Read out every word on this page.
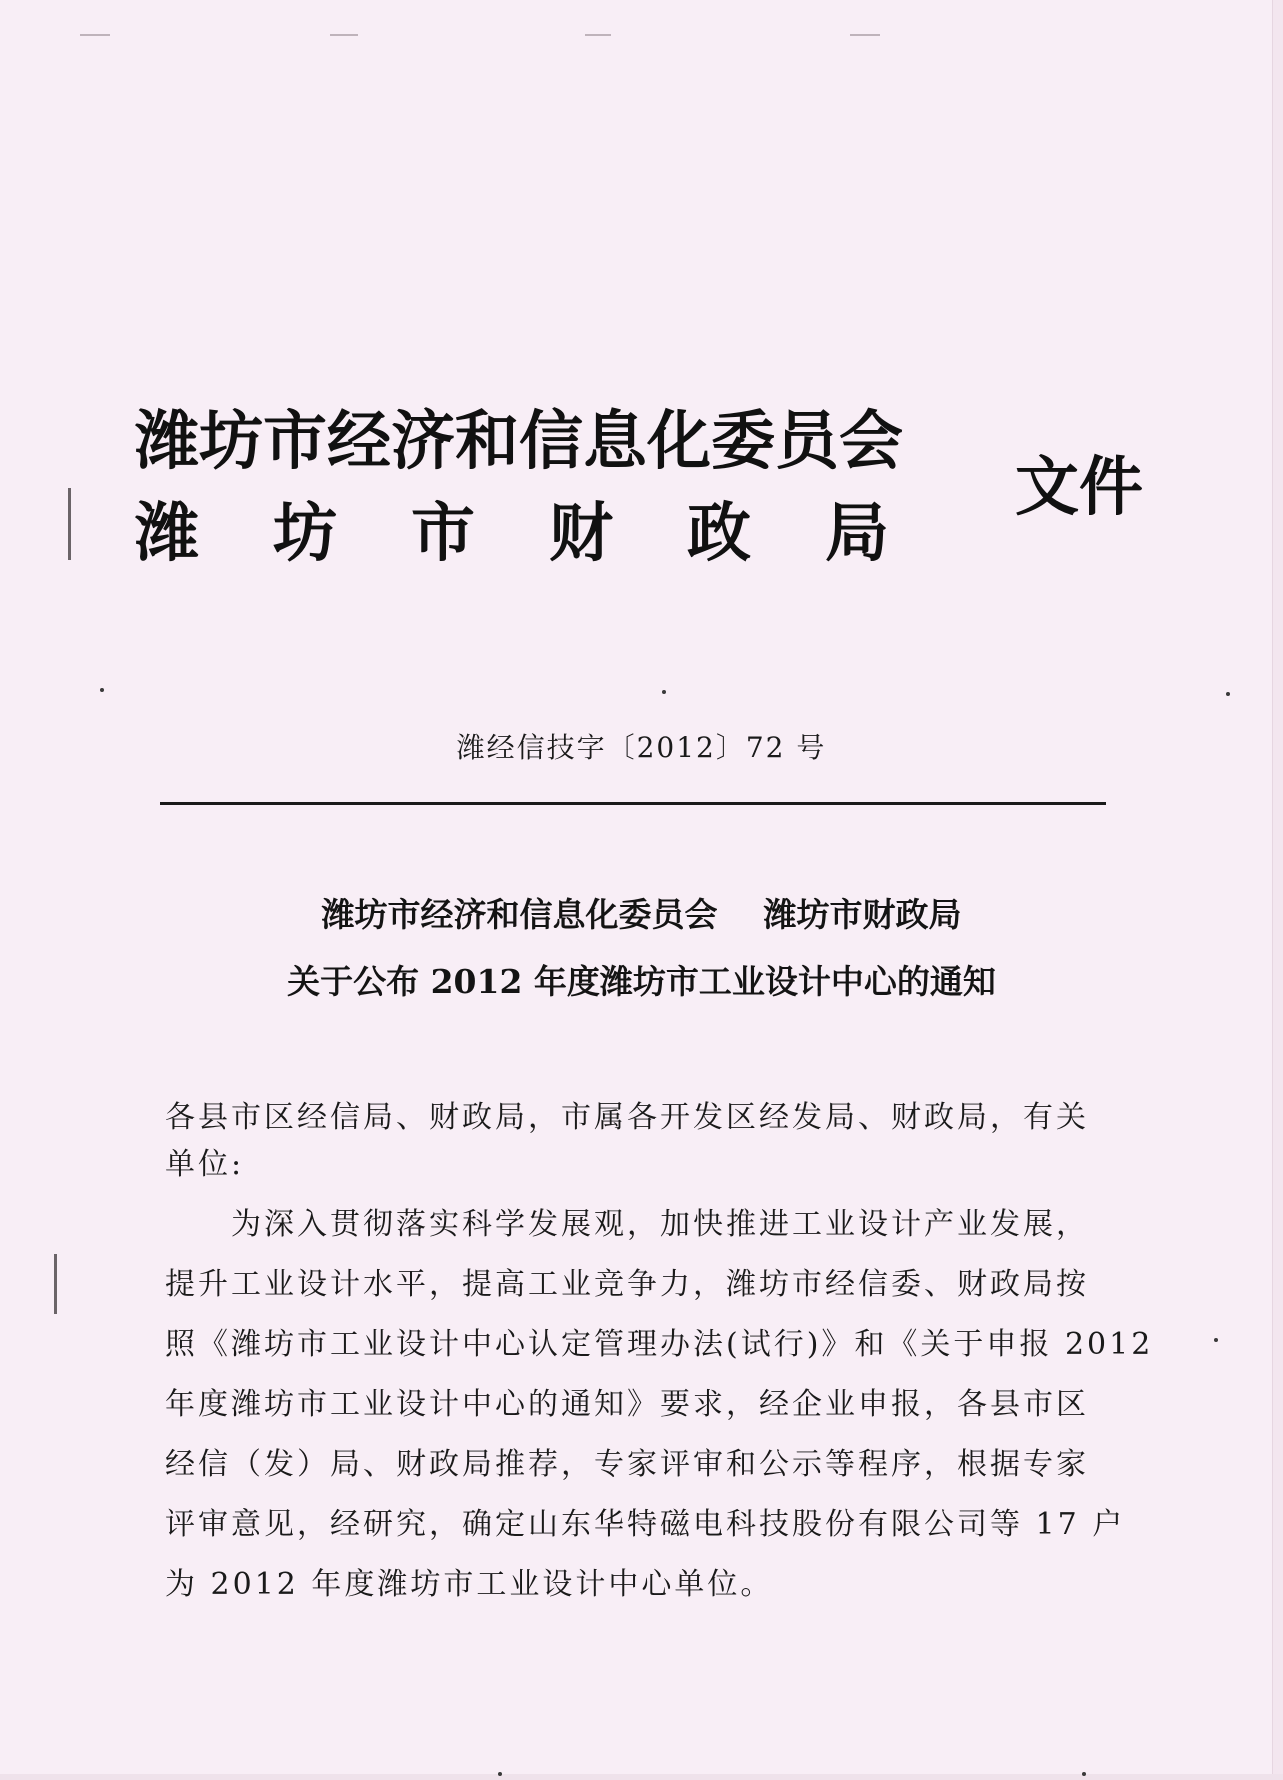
潍坊市经济和信息化委员会
潍坊市财政局
文件
潍经信技字〔2012〕72 号
潍坊市经济和信息化委员会 潍坊市财政局
关于公布 2012 年度潍坊市工业设计中心的通知
各县市区经信局、财政局，市属各开发区经发局、财政局，有关
单位:
为深入贯彻落实科学发展观，加快推进工业设计产业发展，
提升工业设计水平，提高工业竞争力，潍坊市经信委、财政局按
照《潍坊市工业设计中心认定管理办法(试行)》和《关于申报 2012
年度潍坊市工业设计中心的通知》要求，经企业申报，各县市区
经信（发）局、财政局推荐，专家评审和公示等程序，根据专家
评审意见，经研究，确定山东华特磁电科技股份有限公司等 17 户
为 2012 年度潍坊市工业设计中心单位。
